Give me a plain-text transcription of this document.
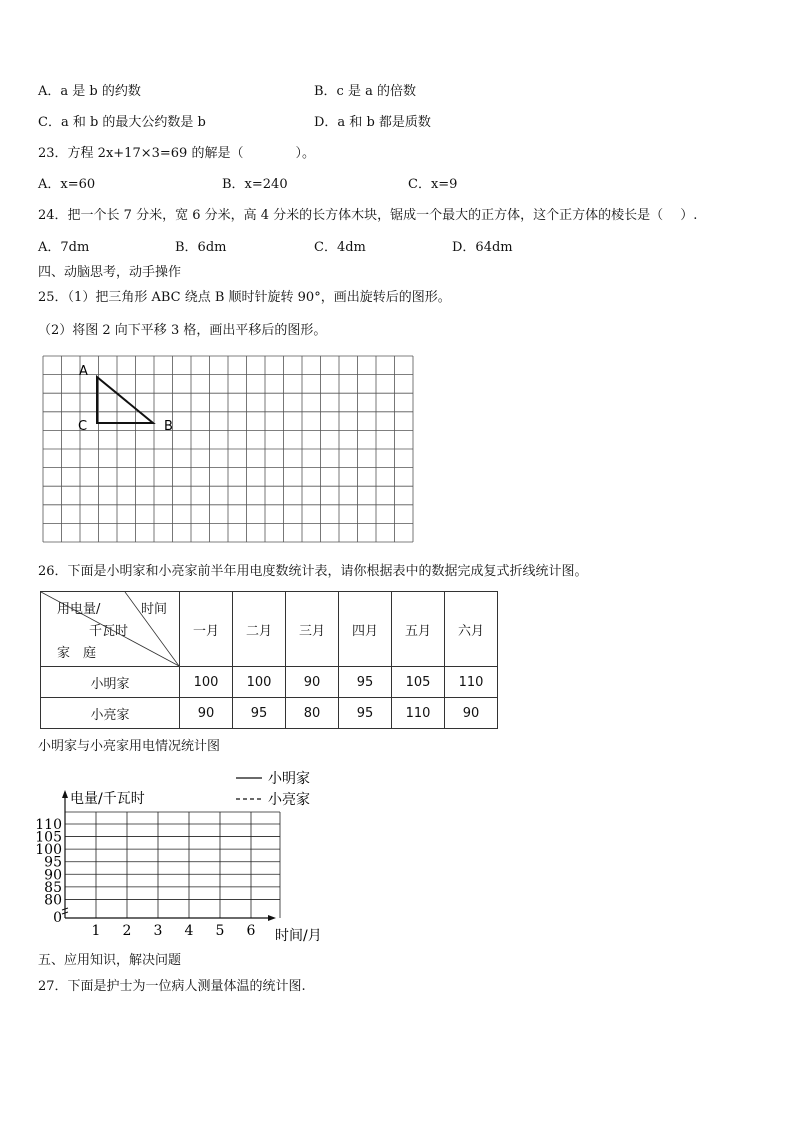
A．a 是 b 的约数	B．c 是 a 的倍数
C．a 和 b 的最大公约数是 b	D．a 和 b 都是质数
23．方程 2x+17×3=69 的解是（　　　　）。
A．x=60	B．x=240	C．x=9
24．把一个长 7 分米，宽 6 分米，高 4 分米的长方体木块，锯成一个最大的正方体，这个正方体的棱长是（　 ）.
A．7dm	B．6dm	C．4dm	D．64dm
四、动脑思考，动手操作
25．（1）把三角形 ABC 绕点 B 顺时针旋转 90°，画出旋转后的图形。
（2）将图 2 向下平移 3 格，画出平移后的图形。
A
C	B
26．下面是小明家和小亮家前半年用电度数统计表，请你根据表中的数据完成复式折线统计图。
用电量/ 时间
千瓦时
家　庭	一月	二月	三月	四月	五月	六月
小明家	100	100	90	95	105	110
小亮家	90	95	80	95	110	90
小明家与小亮家用电情况统计图
0
80
85
90
95
100
105
110
1 2 3 4 5 6
电量/千瓦时
时间/月
小明家
小亮家
五、应用知识，解决问题
27．下面是护士为一位病人测量体温的统计图.
